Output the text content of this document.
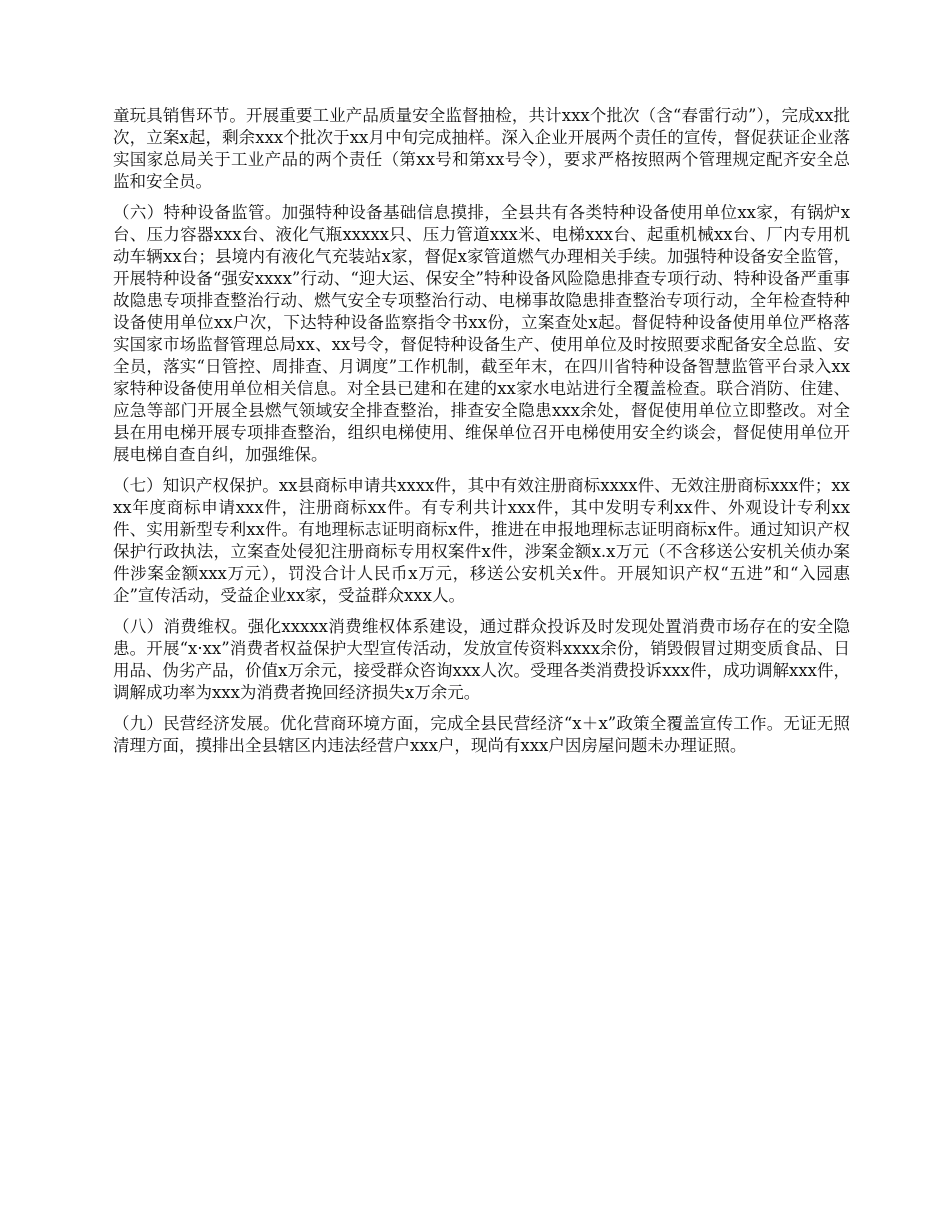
童玩具销售环节。开展重要工业产品质量安全监督抽检，共计xxx个批次（含“春雷行动”），完成xx批次，立案x起，剩余xxx个批次于xx月中旬完成抽样。深入企业开展两个责任的宣传，督促获证企业落实国家总局关于工业产品的两个责任（第xx号和第xx号令），要求严格按照两个管理规定配齐安全总监和安全员。

（六）特种设备监管。加强特种设备基础信息摸排，全县共有各类特种设备使用单位xx家，有锅炉x台、压力容器xxx台、液化气瓶xxxxx只、压力管道xxx米、电梯xxx台、起重机械xx台、厂内专用机动车辆xx台；县境内有液化气充装站x家，督促x家管道燃气办理相关手续。加强特种设备安全监管，开展特种设备“强安xxxx”行动、“迎大运、保安全”特种设备风险隐患排查专项行动、特种设备严重事故隐患专项排查整治行动、燃气安全专项整治行动、电梯事故隐患排查整治专项行动，全年检查特种设备使用单位xx户次，下达特种设备监察指令书xx份，立案查处x起。督促特种设备使用单位严格落实国家市场监督管理总局xx、xx号令，督促特种设备生产、使用单位及时按照要求配备安全总监、安全员，落实“日管控、周排查、月调度”工作机制，截至年末，在四川省特种设备智慧监管平台录入xx家特种设备使用单位相关信息。对全县已建和在建的xx家水电站进行全覆盖检查。联合消防、住建、应急等部门开展全县燃气领域安全排查整治，排查安全隐患xxx余处，督促使用单位立即整改。对全县在用电梯开展专项排查整治，组织电梯使用、维保单位召开电梯使用安全约谈会，督促使用单位开展电梯自查自纠，加强维保。

（七）知识产权保护。xx县商标申请共xxxx件，其中有效注册商标xxxx件、无效注册商标xxx件；xxxx年度商标申请xxx件，注册商标xx件。有专利共计xxx件，其中发明专利xx件、外观设计专利xx件、实用新型专利xx件。有地理标志证明商标x件，推进在申报地理标志证明商标x件。通过知识产权保护行政执法，立案查处侵犯注册商标专用权案件x件，涉案金额x.x万元（不含移送公安机关侦办案件涉案金额xxx万元），罚没合计人民币x万元，移送公安机关x件。开展知识产权“五进”和“入园惠企”宣传活动，受益企业xx家，受益群众xxx人。

（八）消费维权。强化xxxxx消费维权体系建设，通过群众投诉及时发现处置消费市场存在的安全隐患。开展“x·xx”消费者权益保护大型宣传活动，发放宣传资料xxxx余份，销毁假冒过期变质食品、日用品、伪劣产品，价值x万余元，接受群众咨询xxx人次。受理各类消费投诉xxx件，成功调解xxx件，调解成功率为xxx为消费者挽回经济损失x万余元。

（九）民营经济发展。优化营商环境方面，完成全县民营经济“x＋x”政策全覆盖宣传工作。无证无照清理方面，摸排出全县辖区内违法经营户xxx户，现尚有xxx户因房屋问题未办理证照。
